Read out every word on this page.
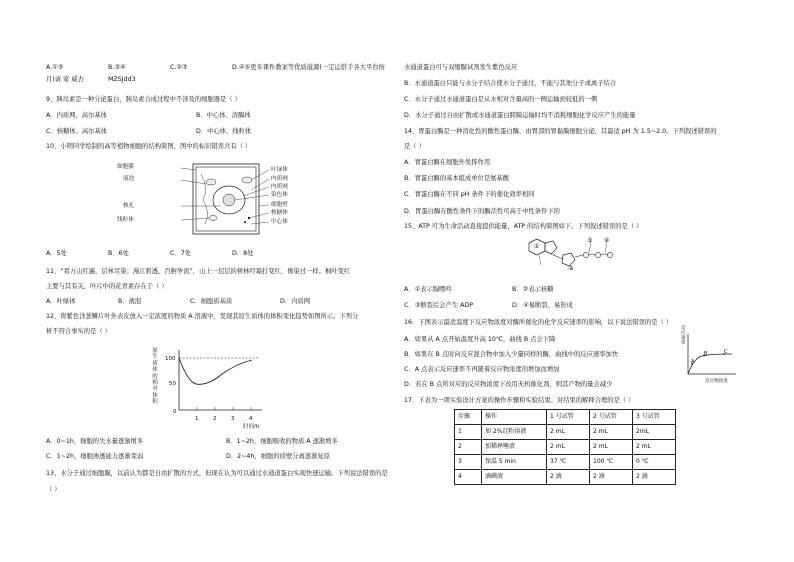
A.①⑤	B.③④	C.②③	D.④⑤更多课件教案等优质滋源(一定运搭手各大平台按
月)请 家 威杏	MZSJdd3
9、胰岛素是一种分泌蛋白，胰岛素合成过程中不涉及的细胞器是（ ）
A．内质网、高尔基体	B．中心体、溶酶体
C．核糖体、高尔基体	D．中心体、线粒体
10、小明同学绘制的高等植物细胞的结构简图，图中的标识错误共有（ ）
细胞膜
液泡
核孔
线粒体
叶绿体
内质网
内质网
染色体
细胞壁
核糖体
中心体
A．5处	B．6处	C．7处	D．8处
11、“看万山红遍，层林尽染；漫江碧透，百舸争流”，山上一层层的树林经霜打变红，像染过一样。枫叶变红
主要与其有关，叶片中的花青素存在于（ ）
A．叶绿体	B．液泡	C．细胞质基质	D．内质网
12、将紫色洋葱鳞片叶外表皮放入一定浓度的物质 A 溶液中，发现其原生质体的体积变化趋势如图所示。下列分
析不符合事实的是（ ）
原
生
质
体
的
相
对
体
积
100
50
0
1	2	3	4
时间/h
A．0~1h，细胞的失水量逐渐增多	B．1~2h，细胞吸收的物质 A 逐渐增多
C．1~2h，细胞渗透能力逐渐变弱	D．2~4h，细胞的质壁分离逐渐复原
13、水分子通过细胞膜，以前认为都是自由扩散的方式，但现在认为可以通过水通道蛋白实现快速运输。下列说法错误的是
（ ）
水通道蛋白可与双缩脲试剂发生紫色反应
B．水通道蛋白只能与水分子结合使水分子通过，不能与其他分子或离子结合
C．水分子通过水通道蛋白是从水相对含量高的一侧运输到较低的一侧
D．水分子通过自由扩散或水通道蛋白跨膜运输时均不消耗细胞化学反应产生的能量
14、胃蛋白酶是一种消化性的酸性蛋白酶，由胃部的胃黏膜细胞分泌，其最适 pH 为 1.5~2.0。下列叙述错误的
是（ ）
A．胃蛋白酶在细胞外发挥作用
B．胃蛋白酶的基本组成单位是氨基酸
C．胃蛋白酶在不同 pH 条件下的催化效率相同
D．胃蛋白酶在酸性条件下的酶活性可高于中性条件下的
15、ATP 可为生命活动直接提供能量，ATP 的结构简图如下。下列叙述错误的是（ ）
①
②
③ ④
A．①表示腺嘌呤	B．②表示核糖
C．③断裂后会产生 ADP	D．④易断裂、易形成
16．下图表示最适温度下反应物浓度对酶所催化的化学反应速率的影响，以下说法错误的是（ ）
A．如果从 A 点开始温度升高 10℃，曲线 B 点会下降
B．如果在 B 点时向反应混合物中加入少量同样的酶，曲线中的反应速率加快
C．A 点表示反应速率不再随着反应物浓度的增加而增加
D．若在 B 点所对应的反应物浓度下改用无机催化剂，则其产物的量会减少
反应速率
A
B	C
反应物浓度
17．下表为一项实验设计方案的操作步骤和实验结果。对结果的解释合理的是（ ）
步骤	操作	1 号试管	2 号试管	3 号试管
1	加 2%淀粉溶液	2 mL	2 mL	2mL
2	加稀释唾液	2 mL	2 mL	2 mL
3	保温 5 min	37 ℃	100 ℃	0 ℃
4	滴碘液	2 滴	2 滴	2 滴
